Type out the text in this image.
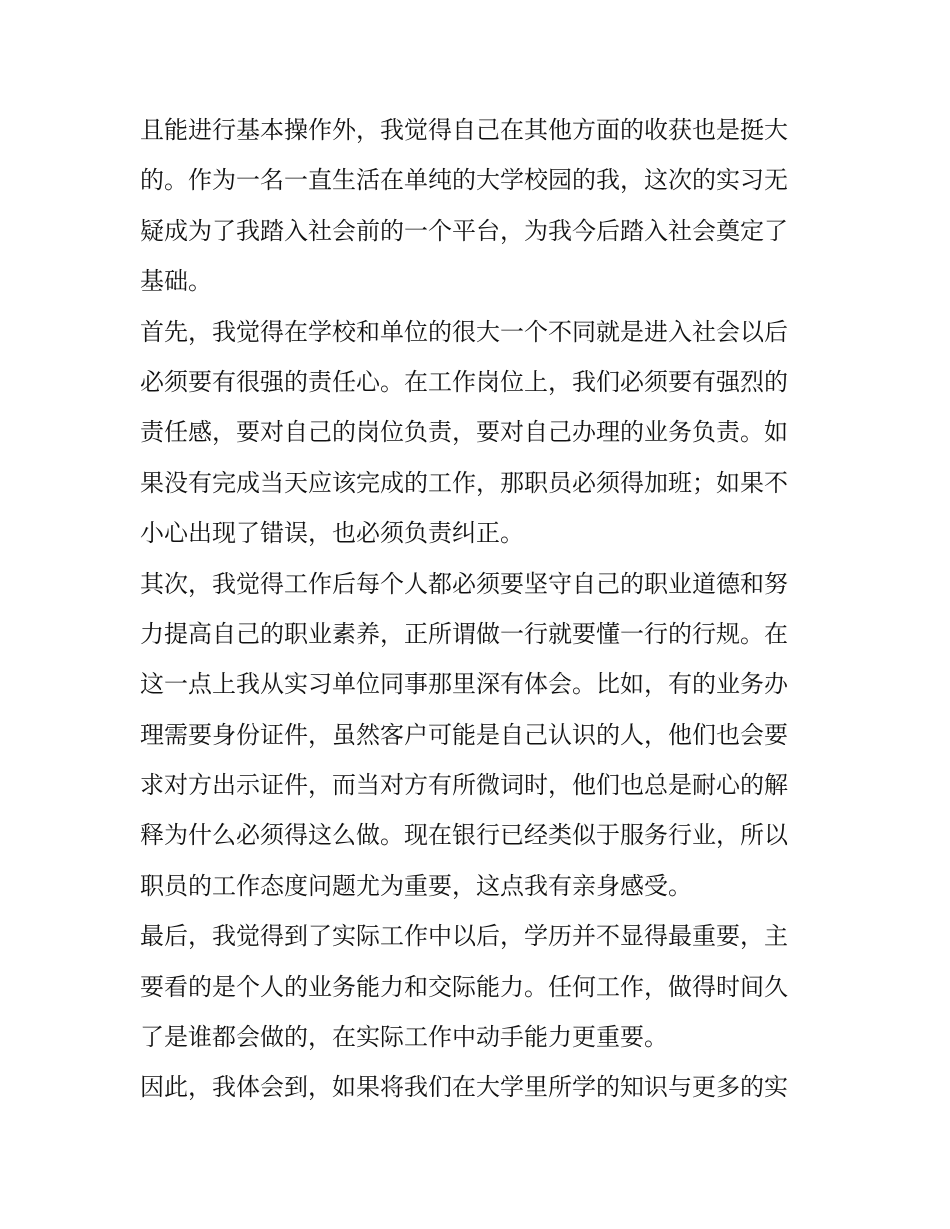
且能进行基本操作外，我觉得自己在其他方面的收获也是挺大
的。作为一名一直生活在单纯的大学校园的我，这次的实习无
疑成为了我踏入社会前的一个平台，为我今后踏入社会奠定了
基础。
首先，我觉得在学校和单位的很大一个不同就是进入社会以后
必须要有很强的责任心。在工作岗位上，我们必须要有强烈的
责任感，要对自己的岗位负责，要对自己办理的业务负责。如
果没有完成当天应该完成的工作，那职员必须得加班；如果不
小心出现了错误，也必须负责纠正。
其次，我觉得工作后每个人都必须要坚守自己的职业道德和努
力提高自己的职业素养，正所谓做一行就要懂一行的行规。在
这一点上我从实习单位同事那里深有体会。比如，有的业务办
理需要身份证件，虽然客户可能是自己认识的人，他们也会要
求对方出示证件，而当对方有所微词时，他们也总是耐心的解
释为什么必须得这么做。现在银行已经类似于服务行业，所以
职员的工作态度问题尤为重要，这点我有亲身感受。
最后，我觉得到了实际工作中以后，学历并不显得最重要，主
要看的是个人的业务能力和交际能力。任何工作，做得时间久
了是谁都会做的，在实际工作中动手能力更重要。
因此，我体会到，如果将我们在大学里所学的知识与更多的实
